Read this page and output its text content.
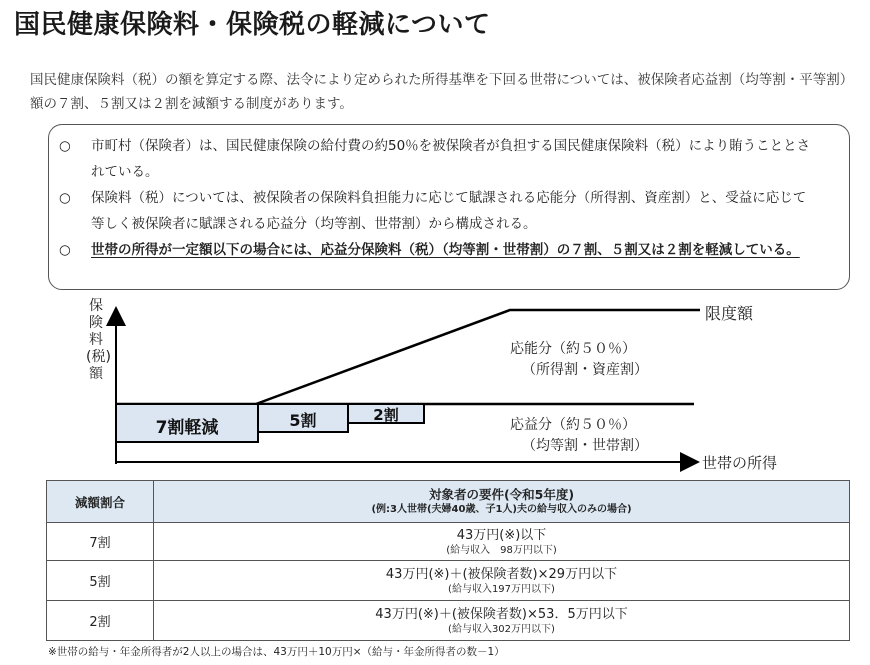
国民健康保険料・保険税の軽減について
国民健康保険料（税）の額を算定する際、法令により定められた所得基準を下回る世帯については、被保険者応益割（均等割・平等割）額の７割、５割又は２割を減額する制度があります。
○ 市町村（保険者）は、国民健康保険の給付費の約50％を被保険者が負担する国民健康保険料（税）により賄うこととされている。
○ 保険料（税）については、被保険者の保険料負担能力に応じて賦課される応能分（所得割、資産割）と、受益に応じて等しく被保険者に賦課される応益分（均等割、世帯割）から構成される。
○ 世帯の所得が一定額以下の場合には、応益分保険料（税）（均等割・世帯割）の７割、５割又は２割を軽減している。
保険料(税)額
限度額
応能分（約５０％）
（所得割・資産割）
応益分（約５０％）
（均等割・世帯割）
世帯の所得
7割軽減	5割	2割
減額割合	対象者の要件(令和5年度)
(例:3人世帯(夫婦40歳、子1人)夫の給与収入のみの場合)

7割	43万円(※)以下
(給与収入　98万円以下)

5割	43万円(※)＋(被保険者数)×29万円以下
(給与収入197万円以下)

2割	43万円(※)＋(被保険者数)×53．5万円以下
(給与収入302万円以下)
※世帯の給与・年金所得者が2人以上の場合は、43万円＋10万円×（給与・年金所得者の数－1）
